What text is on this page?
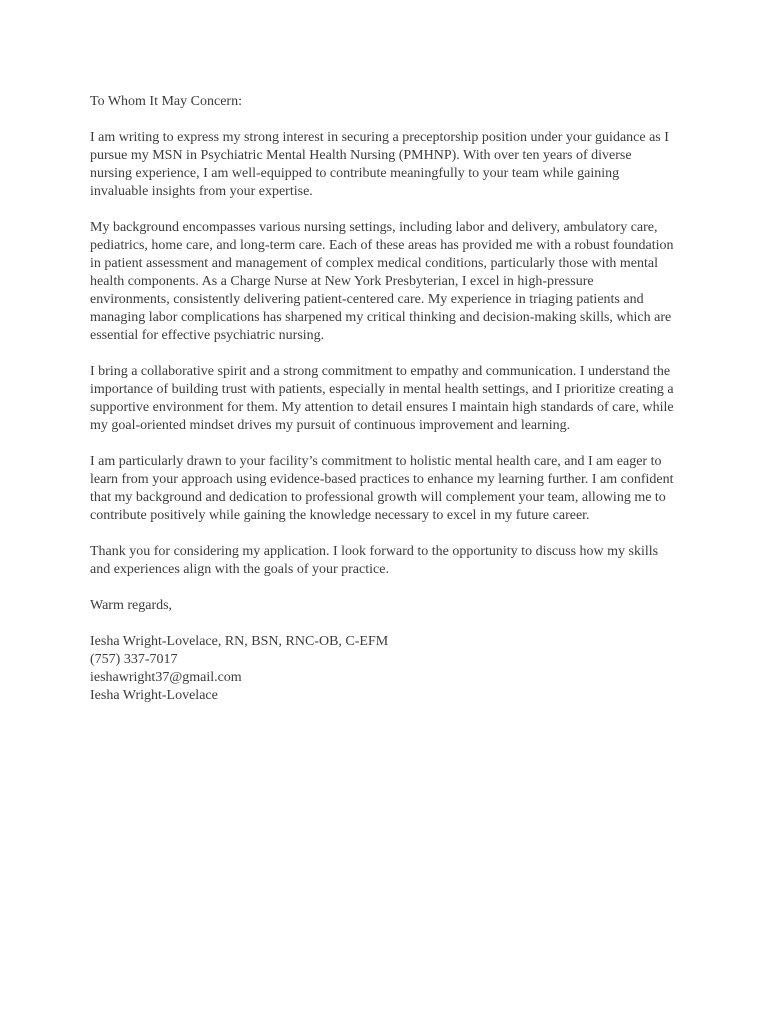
To Whom It May Concern:

I am writing to express my strong interest in securing a preceptorship position under your guidance as I pursue my MSN in Psychiatric Mental Health Nursing (PMHNP). With over ten years of diverse nursing experience, I am well-equipped to contribute meaningfully to your team while gaining invaluable insights from your expertise.

My background encompasses various nursing settings, including labor and delivery, ambulatory care, pediatrics, home care, and long-term care. Each of these areas has provided me with a robust foundation in patient assessment and management of complex medical conditions, particularly those with mental health components. As a Charge Nurse at New York Presbyterian, I excel in high-pressure environments, consistently delivering patient-centered care. My experience in triaging patients and managing labor complications has sharpened my critical thinking and decision-making skills, which are essential for effective psychiatric nursing.

I bring a collaborative spirit and a strong commitment to empathy and communication. I understand the importance of building trust with patients, especially in mental health settings, and I prioritize creating a supportive environment for them. My attention to detail ensures I maintain high standards of care, while my goal-oriented mindset drives my pursuit of continuous improvement and learning.

I am particularly drawn to your facility’s commitment to holistic mental health care, and I am eager to learn from your approach using evidence-based practices to enhance my learning further. I am confident that my background and dedication to professional growth will complement your team, allowing me to contribute positively while gaining the knowledge necessary to excel in my future career.

Thank you for considering my application. I look forward to the opportunity to discuss how my skills and experiences align with the goals of your practice.

Warm regards,

Iesha Wright-Lovelace, RN, BSN, RNC-OB, C-EFM

(757) 337-7017

ieshawright37@gmail.com

Iesha Wright-Lovelace
